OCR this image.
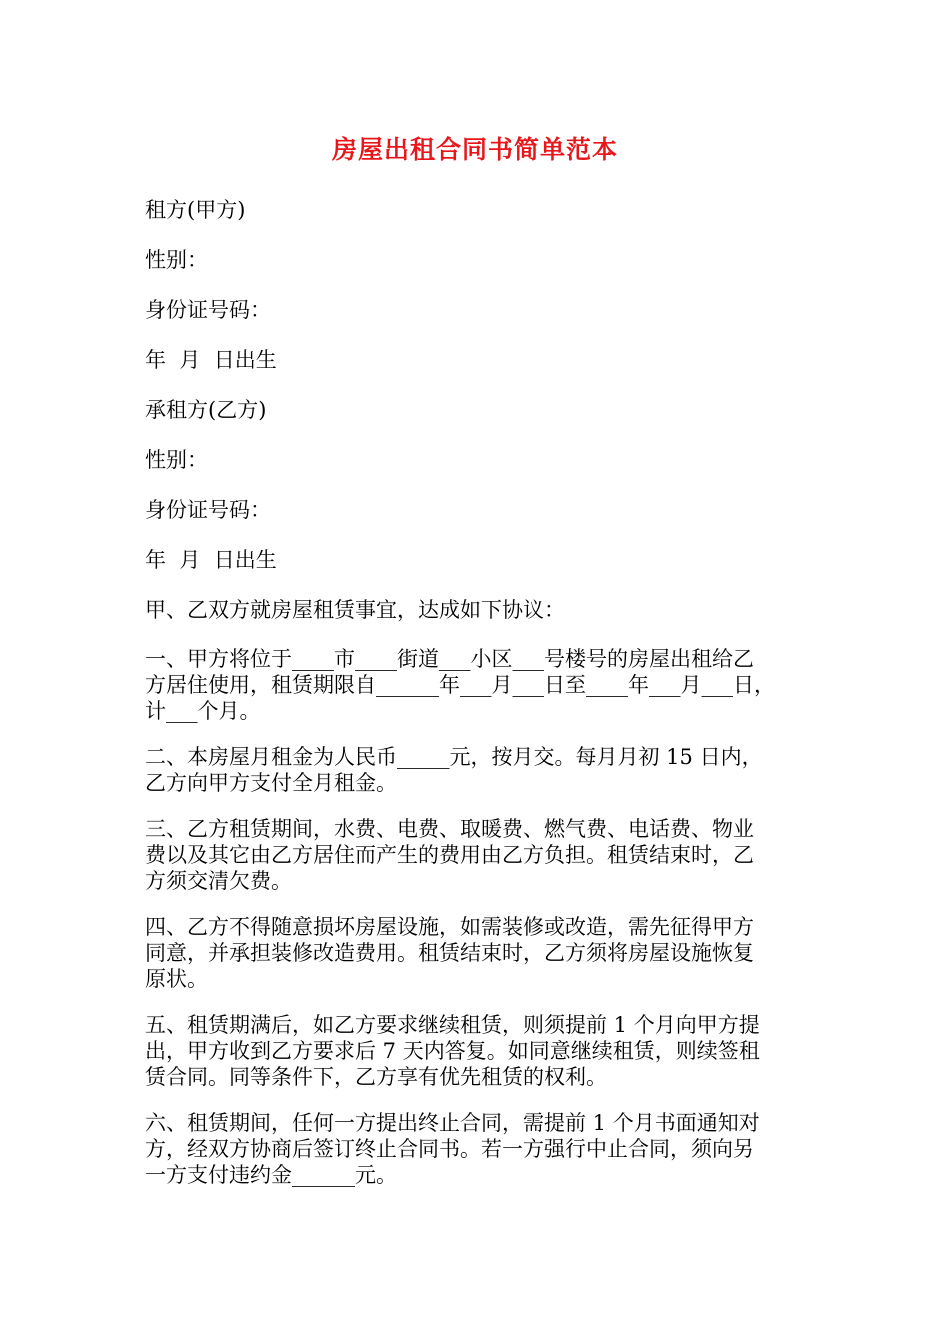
房屋出租合同书简单范本
租方(甲方)
性别：
身份证号码：
年  月  日出生
承租方(乙方)
性别：
身份证号码：
年  月  日出生
甲、乙双方就房屋租赁事宜，达成如下协议：
一、甲方将位于____市____街道___小区___号楼号的房屋出租给乙
方居住使用，租赁期限自______年___月___日至____年___月___日，
计___个月。
二、本房屋月租金为人民币_____元，按月交。每月月初 15 日内，
乙方向甲方支付全月租金。
三、乙方租赁期间，水费、电费、取暖费、燃气费、电话费、物业
费以及其它由乙方居住而产生的费用由乙方负担。租赁结束时，乙
方须交清欠费。
四、乙方不得随意损坏房屋设施，如需装修或改造，需先征得甲方
同意，并承担装修改造费用。租赁结束时，乙方须将房屋设施恢复
原状。
五、租赁期满后，如乙方要求继续租赁，则须提前 1 个月向甲方提
出，甲方收到乙方要求后 7 天内答复。如同意继续租赁，则续签租
赁合同。同等条件下，乙方享有优先租赁的权利。
六、租赁期间，任何一方提出终止合同，需提前 1 个月书面通知对
方，经双方协商后签订终止合同书。若一方强行中止合同，须向另
一方支付违约金______元。
